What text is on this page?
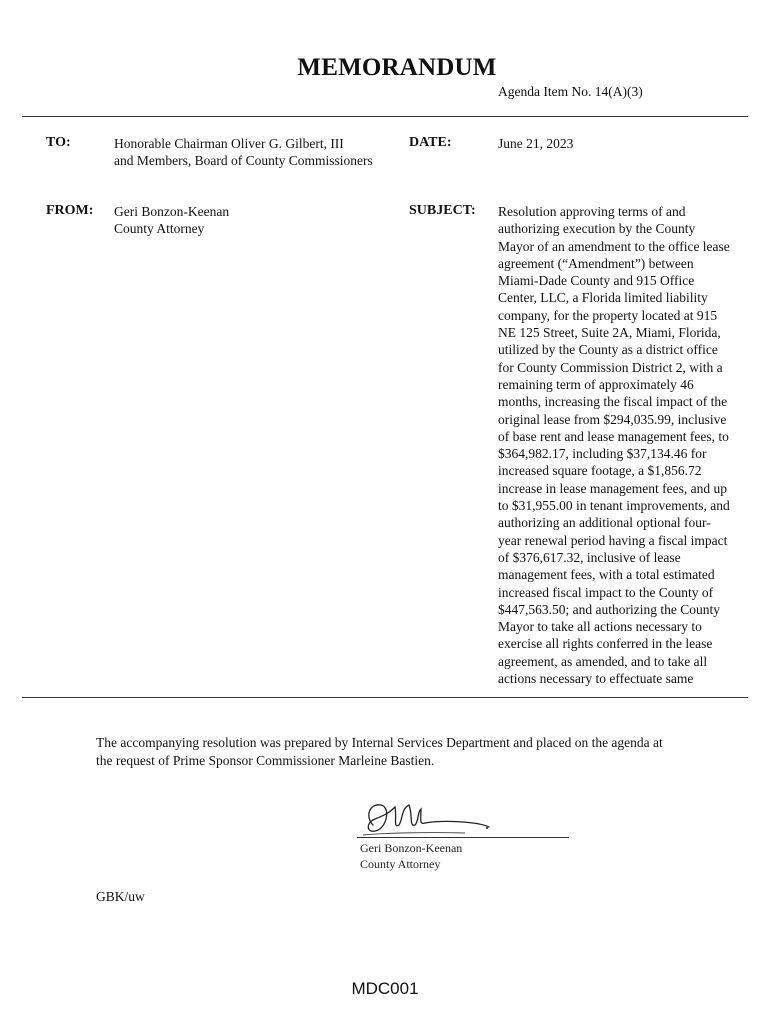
MEMORANDUM
Agenda Item No. 14(A)(3)
TO:	Honorable Chairman Oliver G. Gilbert, III
and Members, Board of County Commissioners
DATE:	June 21, 2023
FROM: Geri Bonzon-Keenan
County Attorney
SUBJECT: Resolution approving terms of and
authorizing execution by the County
Mayor of an amendment to the office lease
agreement (“Amendment”) between
Miami-Dade County and 915 Office
Center, LLC, a Florida limited liability
company, for the property located at 915
NE 125 Street, Suite 2A, Miami, Florida,
utilized by the County as a district office
for County Commission District 2, with a
remaining term of approximately 46
months, increasing the fiscal impact of the
original lease from $294,035.99, inclusive
of base rent and lease management fees, to
$364,982.17, including $37,134.46 for
increased square footage, a $1,856.72
increase in lease management fees, and up
to $31,955.00 in tenant improvements, and
authorizing an additional optional four-
year renewal period having a fiscal impact
of $376,617.32, inclusive of lease
management fees, with a total estimated
increased fiscal impact to the County of
$447,563.50; and authorizing the County
Mayor to take all actions necessary to
exercise all rights conferred in the lease
agreement, as amended, and to take all
actions necessary to effectuate same
The accompanying resolution was prepared by Internal Services Department and placed on the agenda at
the request of Prime Sponsor Commissioner Marleine Bastien.
Geri Bonzon-Keenan
County Attorney
GBK/uw
MDC001
